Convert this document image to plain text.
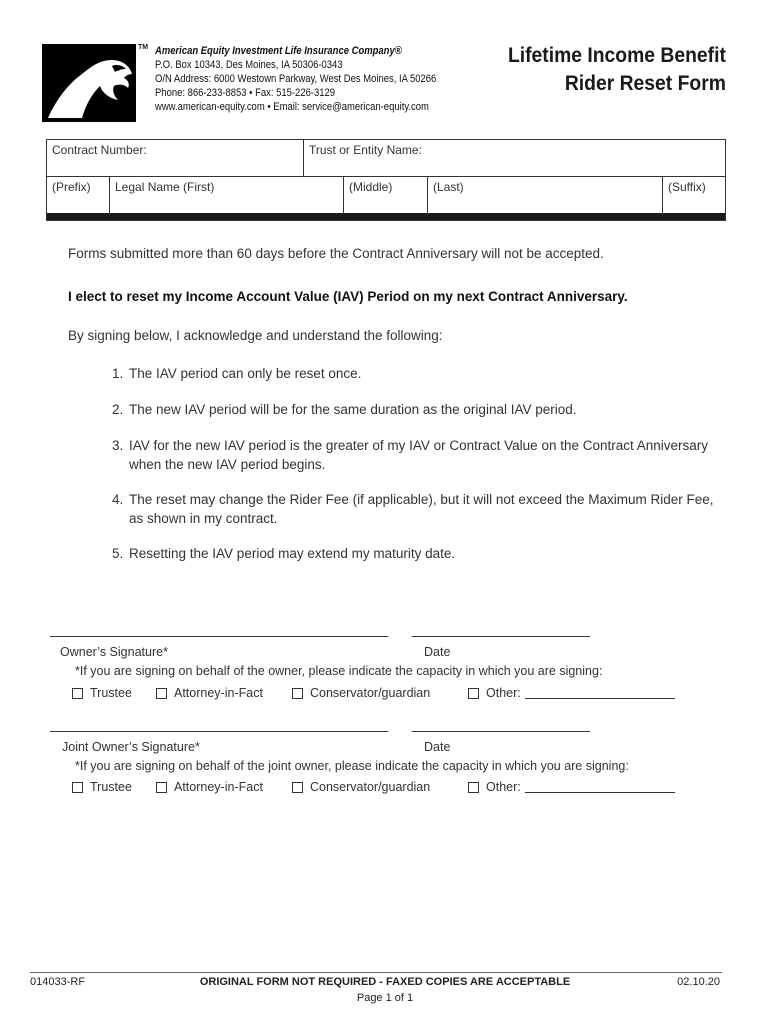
TM American Equity Investment Life Insurance Company®
P.O. Box 10343, Des Moines, IA 50306-0343
O/N Address: 6000 Westown Parkway, West Des Moines, IA 50266
Phone: 866-233-8853 • Fax: 515-226-3129
www.american-equity.com • Email: service@american-equity.com
Lifetime Income Benefit
Rider Reset Form
Contract Number:	Trust or Entity Name:
(Prefix)	Legal Name (First)	(Middle)	(Last)	(Suffix)
Forms submitted more than 60 days before the Contract Anniversary will not be accepted.
I elect to reset my Income Account Value (IAV) Period on my next Contract Anniversary.
By signing below, I acknowledge and understand the following:
1. The IAV period can only be reset once.
2. The new IAV period will be for the same duration as the original IAV period.
3. IAV for the new IAV period is the greater of my IAV or Contract Value on the Contract Anniversary when the new IAV period begins.
4. The reset may change the Rider Fee (if applicable), but it will not exceed the Maximum Rider Fee, as shown in my contract.
5. Resetting the IAV period may extend my maturity date.
Owner’s Signature*	Date
*If you are signing on behalf of the owner, please indicate the capacity in which you are signing:
Trustee	Attorney-in-Fact	Conservator/guardian	Other:
Joint Owner’s Signature*	Date
*If you are signing on behalf of the joint owner, please indicate the capacity in which you are signing:
Trustee	Attorney-in-Fact	Conservator/guardian	Other:
014033-RF	ORIGINAL FORM NOT REQUIRED - FAXED COPIES ARE ACCEPTABLE	02.10.20
Page 1 of 1
